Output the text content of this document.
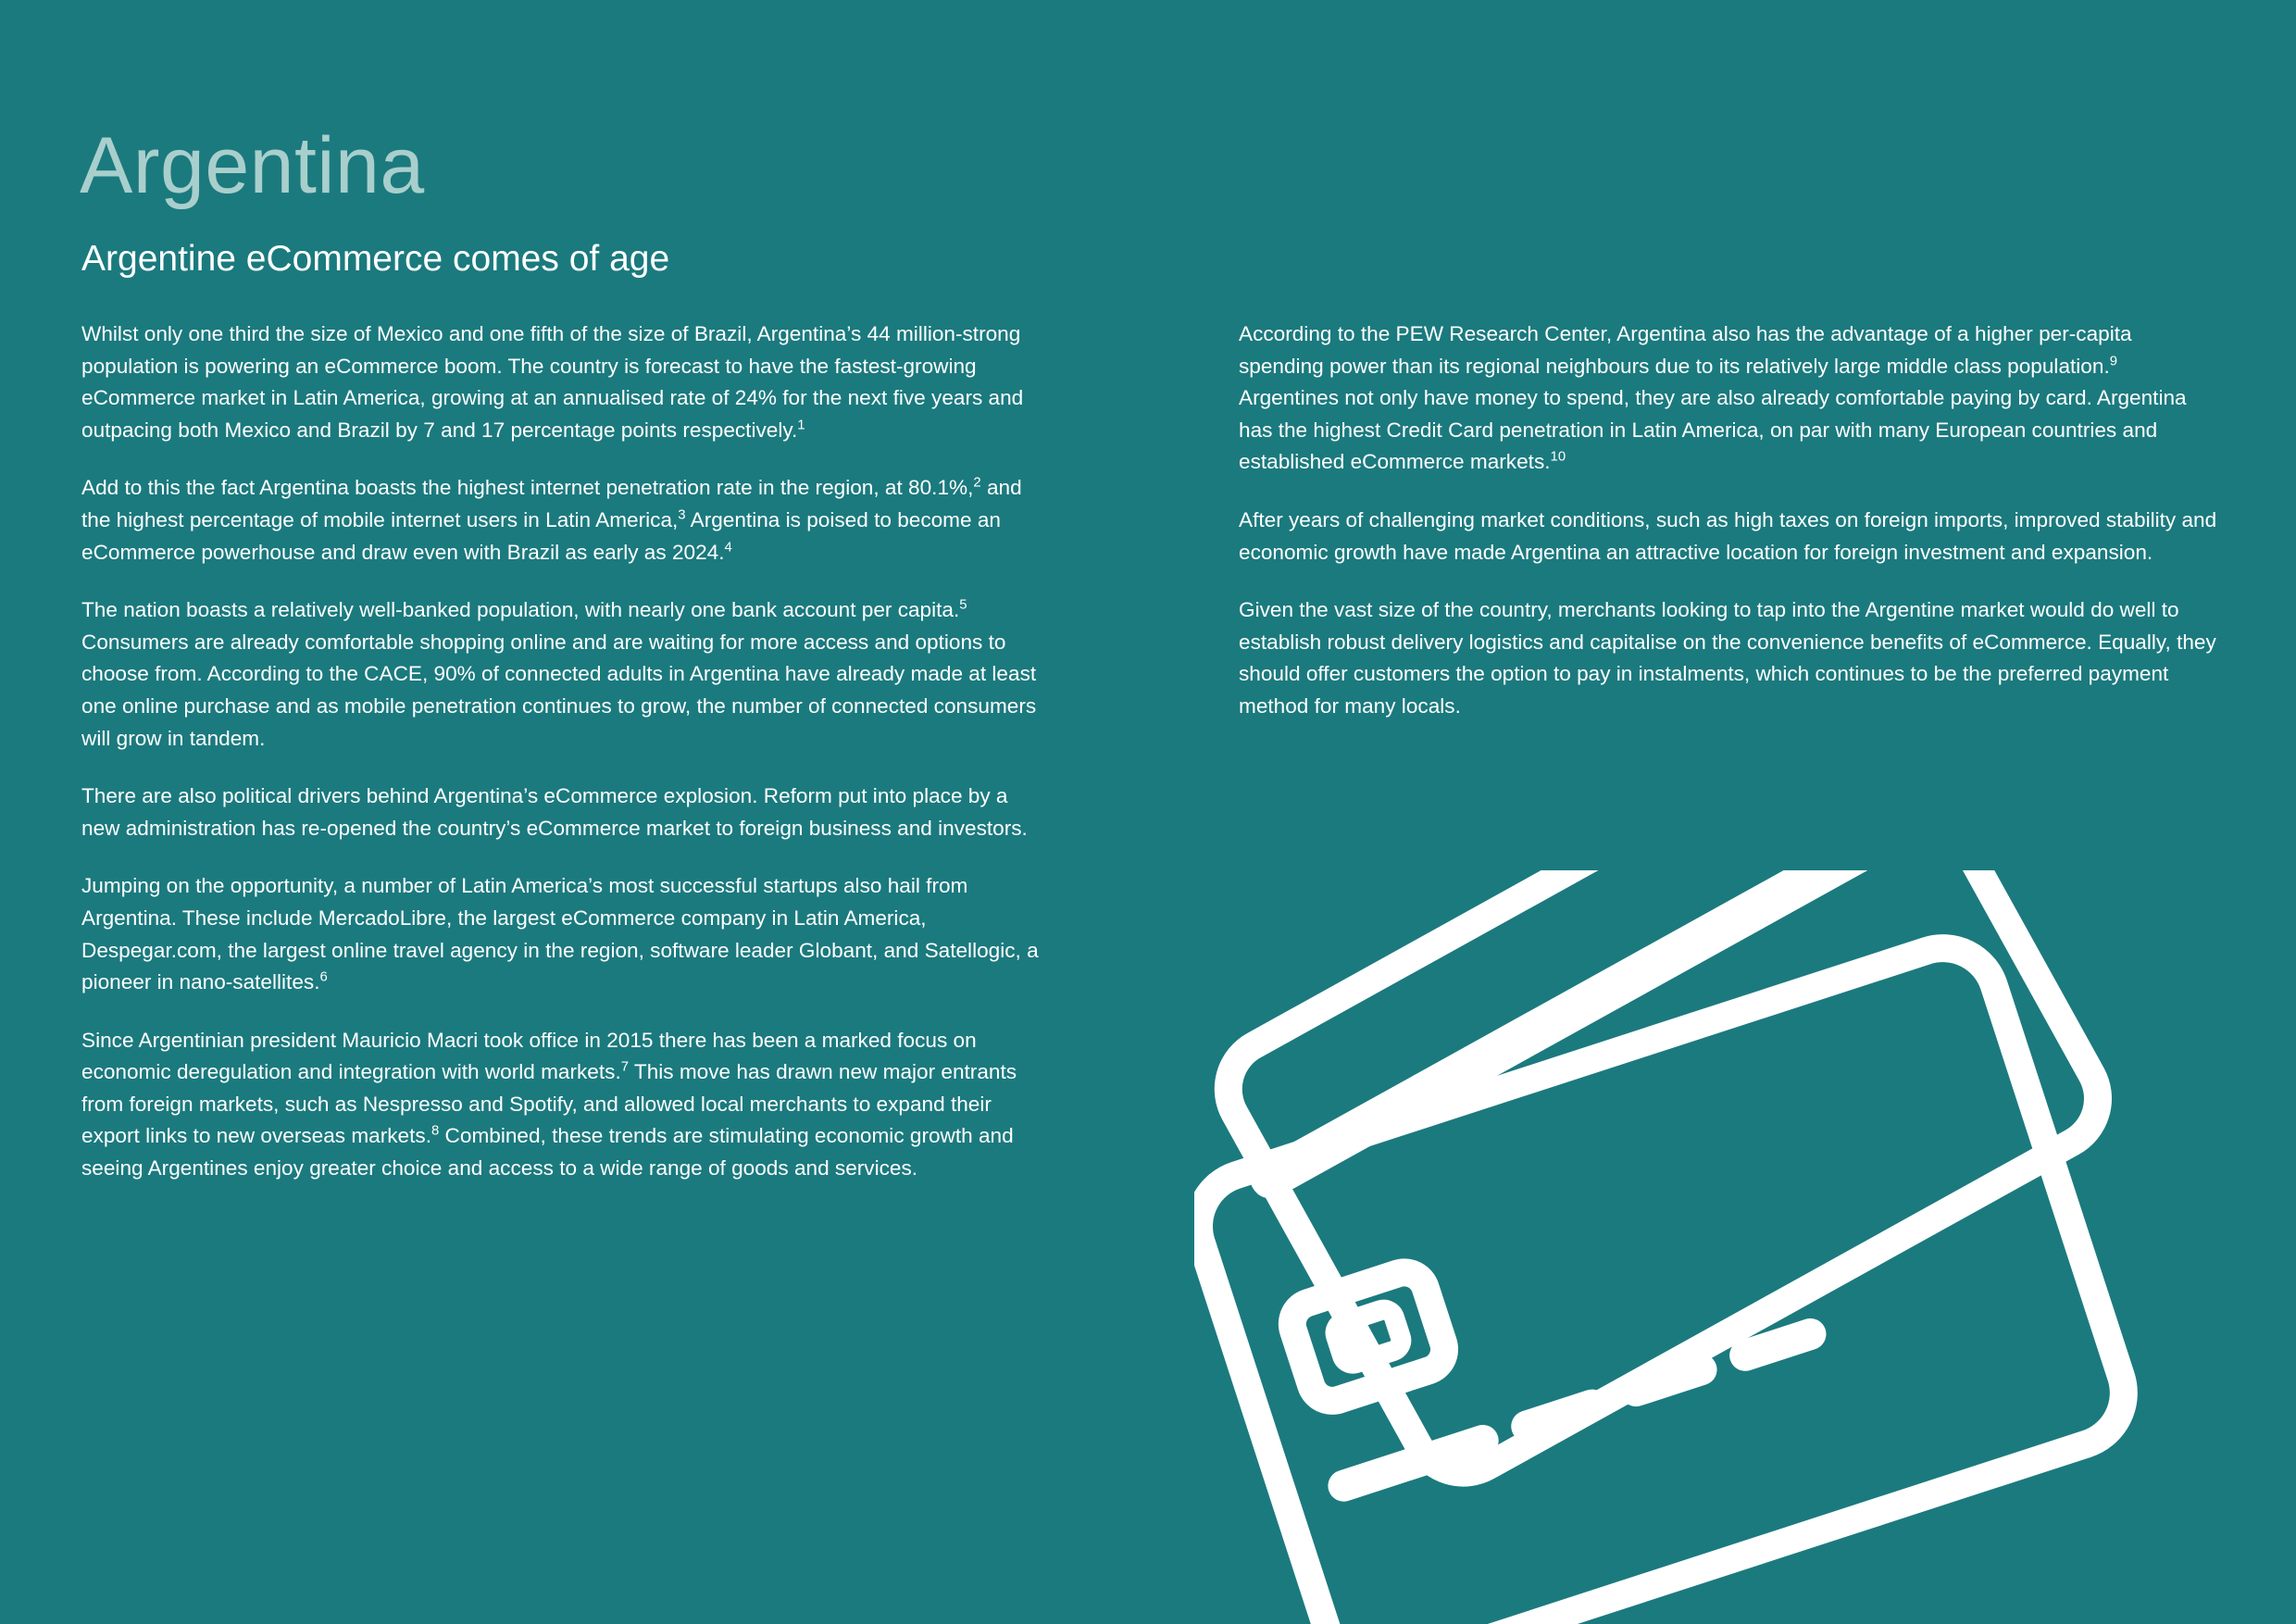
Argentina
Argentine eCommerce comes of age

Whilst only one third the size of Mexico and one fifth of the size of Brazil, Argentina’s 44 million-strong population is powering an eCommerce boom. The country is forecast to have the fastest-growing eCommerce market in Latin America, growing at an annualised rate of 24% for the next five years and outpacing both Mexico and Brazil by 7 and 17 percentage points respectively.$^1$

Add to this the fact Argentina boasts the highest internet penetration rate in the region, at 80.1%,$^2$ and the highest percentage of mobile internet users in Latin America,$^3$ Argentina is poised to become an eCommerce powerhouse and draw even with Brazil as early as 2024.$^4$

The nation boasts a relatively well-banked population, with nearly one bank account per capita.$^5$ Consumers are already comfortable shopping online and are waiting for more access and options to choose from. According to the CACE, 90% of connected adults in Argentina have already made at least one online purchase and as mobile penetration continues to grow, the number of connected consumers will grow in tandem.

There are also political drivers behind Argentina’s eCommerce explosion. Reform put into place by a new administration has re-opened the country’s eCommerce market to foreign business and investors.

Jumping on the opportunity, a number of Latin America’s most successful startups also hail from Argentina. These include MercadoLibre, the largest eCommerce company in Latin America, Despegar.com, the largest online travel agency in the region, software leader Globant, and Satellogic, a pioneer in nano-satellites.$^6$

Since Argentinian president Mauricio Macri took office in 2015 there has been a marked focus on economic deregulation and integration with world markets.$^7$ This move has drawn new major entrants from foreign markets, such as Nespresso and Spotify, and allowed local merchants to expand their export links to new overseas markets.$^8$ Combined, these trends are stimulating economic growth and seeing Argentines enjoy greater choice and access to a wide range of goods and services.

According to the PEW Research Center, Argentina also has the advantage of a higher per-capita spending power than its regional neighbours due to its relatively large middle class population.$^9$ Argentines not only have money to spend, they are also already comfortable paying by card. Argentina has the highest Credit Card penetration in Latin America, on par with many European countries and established eCommerce markets.$^{10}$

After years of challenging market conditions, such as high taxes on foreign imports, improved stability and economic growth have made Argentina an attractive location for foreign investment and expansion.

Given the vast size of the country, merchants looking to tap into the Argentine market would do well to establish robust delivery logistics and capitalise on the convenience benefits of eCommerce. Equally, they should offer customers the option to pay in instalments, which continues to be the preferred payment method for many locals.
